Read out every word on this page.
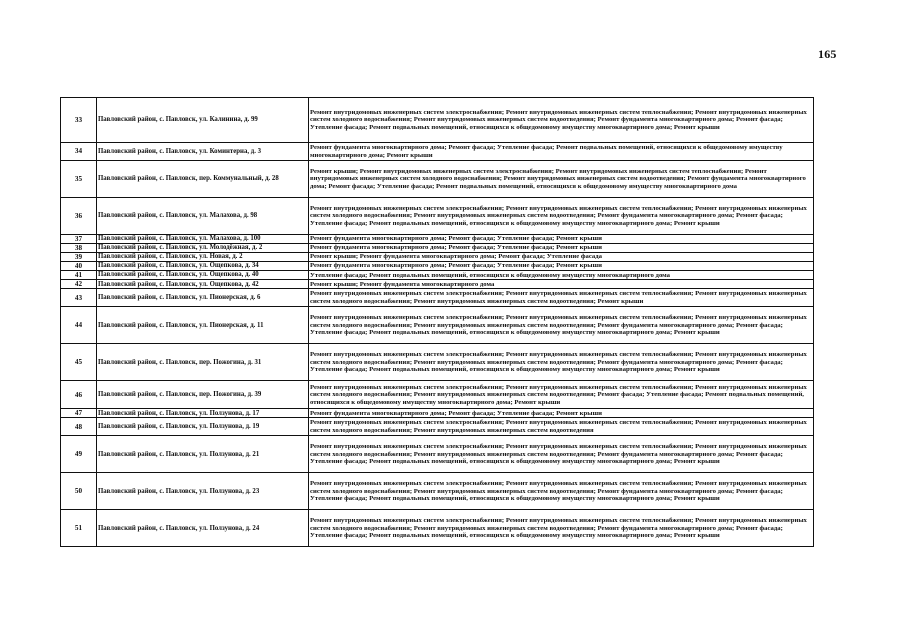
165
33	Павловский район, с. Павловск, ул. Калинина, д. 99	Ремонт внутридомовых инженерных систем электроснабжения; Ремонт внутридомовых инженерных систем теплоснабжения; Ремонт внутридомовых инженерных систем холодного водоснабжения; Ремонт внутридомовых инженерных систем водоотведения; Ремонт фундамента многоквартирного дома; Ремонт фасада; Утепление фасада; Ремонт подвальных помещений, относящихся к общедомовому имуществу многоквартирного дома; Ремонт крыши
34	Павловский район, с. Павловск, ул. Коминтерна, д. 3	Ремонт фундамента многоквартирного дома; Ремонт фасада; Утепление фасада; Ремонт подвальных помещений, относящихся к общедомовому имуществу многоквартирного дома; Ремонт крыши
35	Павловский район, с. Павловск, пер. Коммунальный, д. 28	Ремонт крыши; Ремонт внутридомовых инженерных систем электроснабжения; Ремонт внутридомовых инженерных систем теплоснабжения; Ремонт внутридомовых инженерных систем холодного водоснабжения; Ремонт внутридомовых инженерных систем водоотведения; Ремонт фундамента многоквартирного дома; Ремонт фасада; Утепление фасада; Ремонт подвальных помещений, относящихся к общедомовому имуществу многоквартирного дома
36	Павловский район, с. Павловск, ул. Малахова, д. 98	Ремонт внутридомовых инженерных систем электроснабжения; Ремонт внутридомовых инженерных систем теплоснабжения; Ремонт внутридомовых инженерных систем холодного водоснабжения; Ремонт внутридомовых инженерных систем водоотведения; Ремонт фундамента многоквартирного дома; Ремонт фасада; Утепление фасада; Ремонт подвальных помещений, относящихся к общедомовому имуществу многоквартирного дома; Ремонт крыши
37	Павловский район, с. Павловск, ул. Малахова, д. 100	Ремонт фундамента многоквартирного дома; Ремонт фасада; Утепление фасада; Ремонт крыши
38	Павловский район, с. Павловск, ул. Молодёжная, д. 2	Ремонт фундамента многоквартирного дома; Ремонт фасада; Утепление фасада; Ремонт крыши
39	Павловский район, с. Павловск, ул. Новая, д. 2	Ремонт крыши; Ремонт фундамента многоквартирного дома; Ремонт фасада; Утепление фасада
40	Павловский район, с. Павловск, ул. Ощепкова, д. 34	Ремонт фундамента многоквартирного дома; Ремонт фасада; Утепление фасада; Ремонт крыши
41	Павловский район, с. Павловск, ул. Ощепкова, д. 40	Утепление фасада; Ремонт подвальных помещений, относящихся к общедомовому имуществу многоквартирного дома
42	Павловский район, с. Павловск, ул. Ощепкова, д. 42	Ремонт крыши; Ремонт фундамента многоквартирного дома
43	Павловский район, с. Павловск, ул. Пионерская, д. 6	Ремонт внутридомовых инженерных систем электроснабжения; Ремонт внутридомовых инженерных систем теплоснабжения; Ремонт внутридомовых инженерных систем холодного водоснабжения; Ремонт внутридомовых инженерных систем водоотведения; Ремонт крыши
44	Павловский район, с. Павловск, ул. Пионерская, д. 11	Ремонт внутридомовых инженерных систем электроснабжения; Ремонт внутридомовых инженерных систем теплоснабжения; Ремонт внутридомовых инженерных систем холодного водоснабжения; Ремонт внутридомовых инженерных систем водоотведения; Ремонт фундамента многоквартирного дома; Ремонт фасада; Утепление фасада; Ремонт подвальных помещений, относящихся к общедомовому имуществу многоквартирного дома; Ремонт крыши
45	Павловский район, с. Павловск, пер. Пожогина, д. 31	Ремонт внутридомовых инженерных систем электроснабжения; Ремонт внутридомовых инженерных систем теплоснабжения; Ремонт внутридомовых инженерных систем холодного водоснабжения; Ремонт внутридомовых инженерных систем водоотведения; Ремонт фундамента многоквартирного дома; Ремонт фасада; Утепление фасада; Ремонт подвальных помещений, относящихся к общедомовому имуществу многоквартирного дома; Ремонт крыши
46	Павловский район, с. Павловск, пер. Пожогина, д. 39	Ремонт внутридомовых инженерных систем электроснабжения; Ремонт внутридомовых инженерных систем теплоснабжения; Ремонт внутридомовых инженерных систем холодного водоснабжения; Ремонт внутридомовых инженерных систем водоотведения; Ремонт фасада; Утепление фасада; Ремонт подвальных помещений, относящихся к общедомовому имуществу многоквартирного дома; Ремонт крыши
47	Павловский район, с. Павловск, ул. Ползунова, д. 17	Ремонт фундамента многоквартирного дома; Ремонт фасада; Утепление фасада; Ремонт крыши
48	Павловский район, с. Павловск, ул. Ползунова, д. 19	Ремонт внутридомовых инженерных систем электроснабжения; Ремонт внутридомовых инженерных систем теплоснабжения; Ремонт внутридомовых инженерных систем холодного водоснабжения; Ремонт внутридомовых инженерных систем водоотведения
49	Павловский район, с. Павловск, ул. Ползунова, д. 21	Ремонт внутридомовых инженерных систем электроснабжения; Ремонт внутридомовых инженерных систем теплоснабжения; Ремонт внутридомовых инженерных систем холодного водоснабжения; Ремонт внутридомовых инженерных систем водоотведения; Ремонт фундамента многоквартирного дома; Ремонт фасада; Утепление фасада; Ремонт подвальных помещений, относящихся к общедомовому имуществу многоквартирного дома; Ремонт крыши
50	Павловский район, с. Павловск, ул. Ползунова, д. 23	Ремонт внутридомовых инженерных систем электроснабжения; Ремонт внутридомовых инженерных систем теплоснабжения; Ремонт внутридомовых инженерных систем холодного водоснабжения; Ремонт внутридомовых инженерных систем водоотведения; Ремонт фундамента многоквартирного дома; Ремонт фасада; Утепление фасада; Ремонт подвальных помещений, относящихся к общедомовому имуществу многоквартирного дома; Ремонт крыши
51	Павловский район, с. Павловск, ул. Ползунова, д. 24	Ремонт внутридомовых инженерных систем электроснабжения; Ремонт внутридомовых инженерных систем теплоснабжения; Ремонт внутридомовых инженерных систем холодного водоснабжения; Ремонт внутридомовых инженерных систем водоотведения; Ремонт фундамента многоквартирного дома; Ремонт фасада; Утепление фасада; Ремонт подвальных помещений, относящихся к общедомовому имуществу многоквартирного дома; Ремонт крыши
